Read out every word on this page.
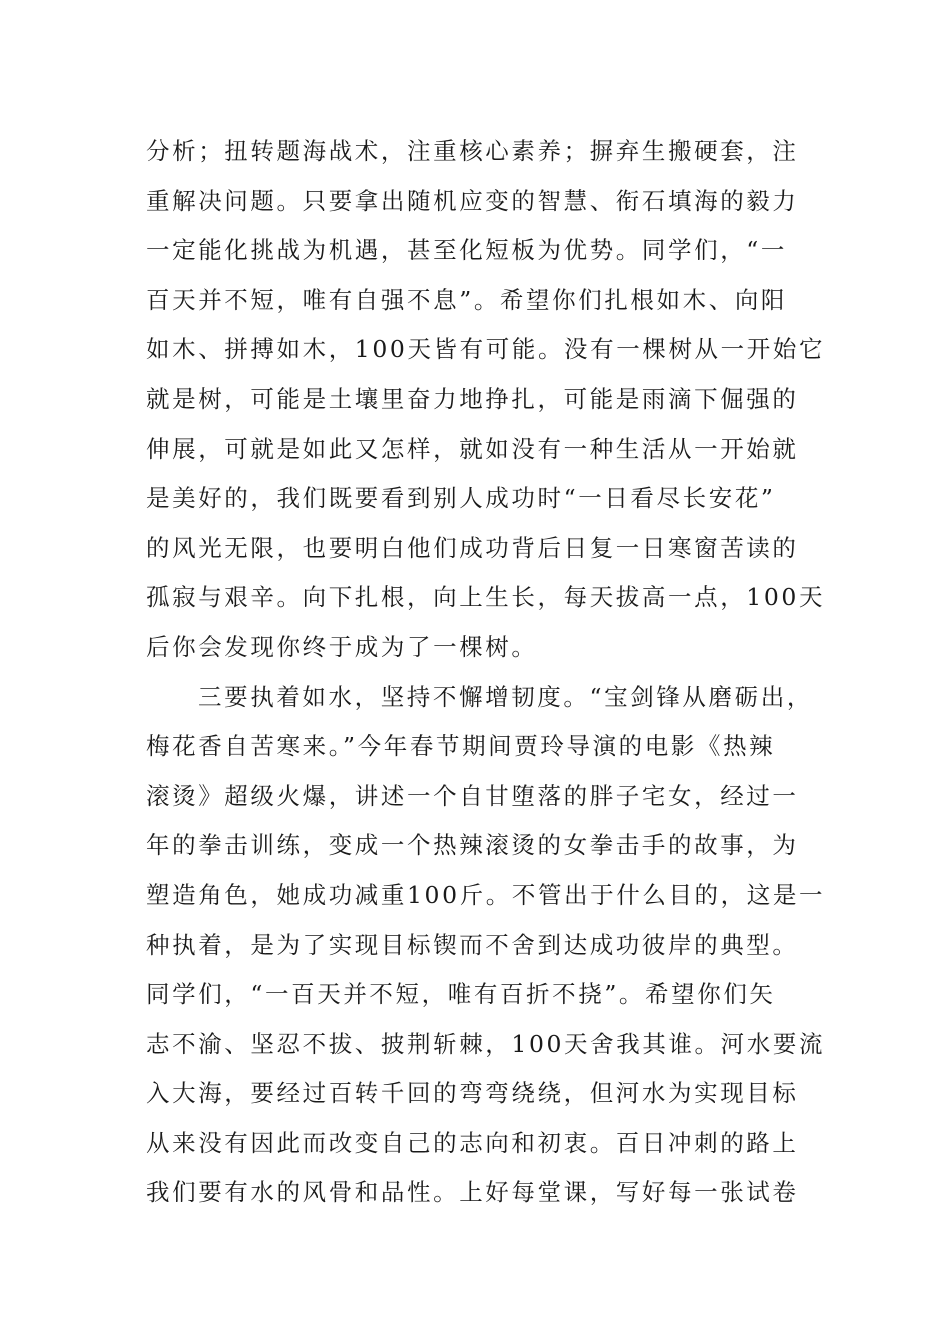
分析；扭转题海战术，注重核心素养；摒弃生搬硬套，注
重解决问题。只要拿出随机应变的智慧、衔石填海的毅力
一定能化挑战为机遇，甚至化短板为优势。同学们，“一
百天并不短，唯有自强不息”。希望你们扎根如木、向阳
如木、拼搏如木，100天皆有可能。没有一棵树从一开始它
就是树，可能是土壤里奋力地挣扎，可能是雨滴下倔强的
伸展，可就是如此又怎样，就如没有一种生活从一开始就
是美好的，我们既要看到别人成功时“一日看尽长安花”
的风光无限，也要明白他们成功背后日复一日寒窗苦读的
孤寂与艰辛。向下扎根，向上生长，每天拔高一点，100天
后你会发现你终于成为了一棵树。
三要执着如水，坚持不懈增韧度。“宝剑锋从磨砺出，
梅花香自苦寒来。”今年春节期间贾玲导演的电影《热辣
滚烫》超级火爆，讲述一个自甘堕落的胖子宅女，经过一
年的拳击训练，变成一个热辣滚烫的女拳击手的故事，为
塑造角色，她成功减重100斤。不管出于什么目的，这是一
种执着，是为了实现目标锲而不舍到达成功彼岸的典型。
同学们，“一百天并不短，唯有百折不挠”。希望你们矢
志不渝、坚忍不拔、披荆斩棘，100天舍我其谁。河水要流
入大海，要经过百转千回的弯弯绕绕，但河水为实现目标
从来没有因此而改变自己的志向和初衷。百日冲刺的路上
我们要有水的风骨和品性。上好每堂课，写好每一张试卷
